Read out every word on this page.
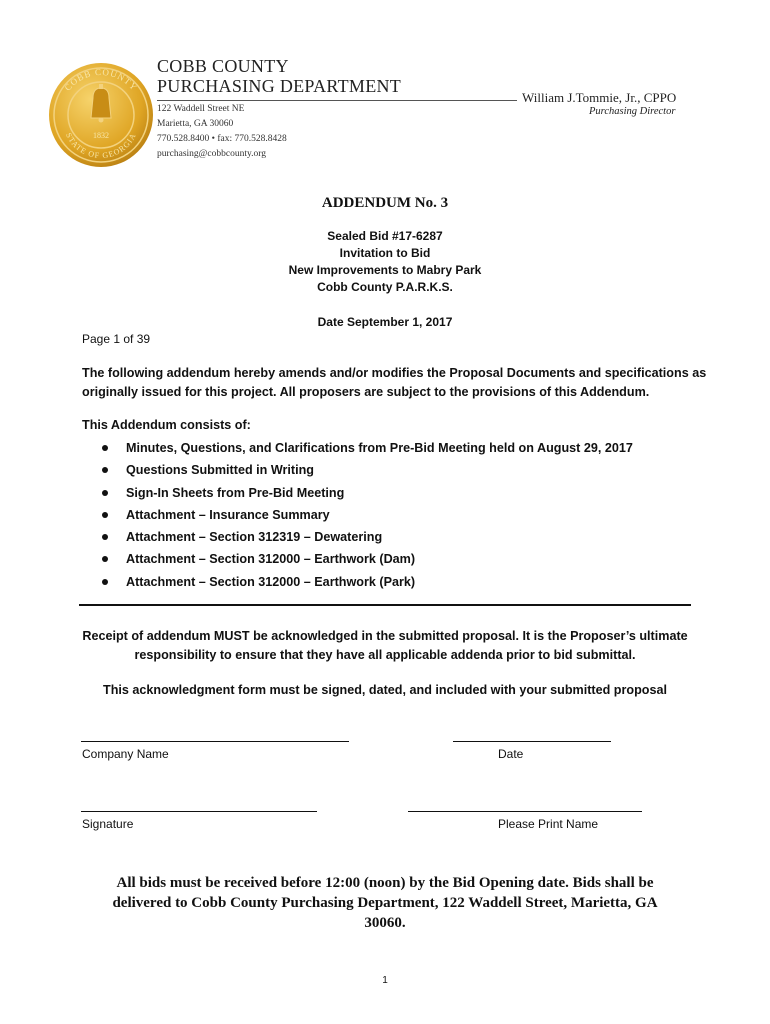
COBB COUNTY
STATE OF GEORGIA
1832
COBB COUNTY
PURCHASING DEPARTMENT
William J.Tommie, Jr., CPPO
Purchasing Director
122 Waddell Street NE
Marietta, GA 30060
770.528.8400 • fax: 770.528.8428
purchasing@cobbcounty.org
ADDENDUM No. 3
Sealed Bid #17-6287
Invitation to Bid
New Improvements to Mabry Park
Cobb County P.A.R.K.S.
Date September 1, 2017
Page 1 of 39
The following addendum hereby amends and/or modifies the Proposal Documents and specifications as originally issued for this project. All proposers are subject to the provisions of this Addendum.
This Addendum consists of:
Minutes, Questions, and Clarifications from Pre-Bid Meeting held on August 29, 2017
Questions Submitted in Writing
Sign-In Sheets from Pre-Bid Meeting
Attachment – Insurance Summary
Attachment – Section 312319 – Dewatering
Attachment – Section 312000 – Earthwork (Dam)
Attachment – Section 312000 – Earthwork (Park)
Receipt of addendum MUST be acknowledged in the submitted proposal. It is the Proposer’s ultimate
responsibility to ensure that they have all applicable addenda prior to bid submittal.
This acknowledgment form must be signed, dated, and included with your submitted proposal
Company Name	Date
Signature	Please Print Name
All bids must be received before 12:00 (noon) by the Bid Opening date. Bids shall be
delivered to Cobb County Purchasing Department, 122 Waddell Street, Marietta, GA
30060.
1
